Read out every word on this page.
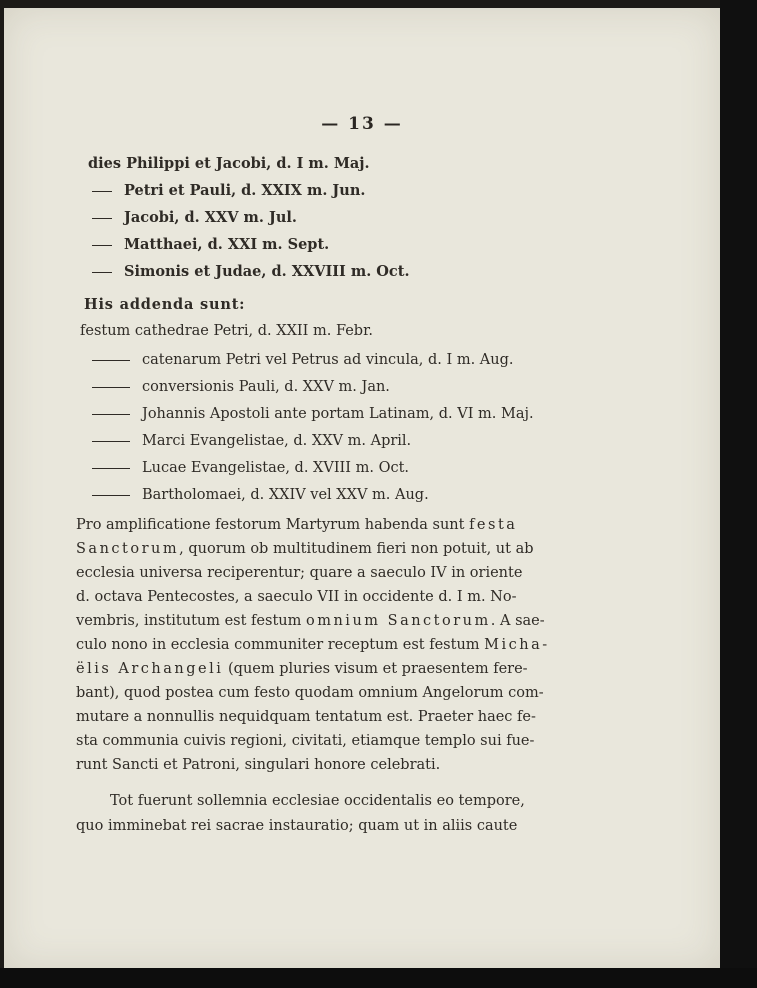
— 13 —
dies Philippi et Jacobi, d. I m. Maj.
Petri et Pauli, d. XXIX m. Jun.
Jacobi, d. XXV m. Jul.
Matthaei, d. XXI m. Sept.
Simonis et Judae, d. XXVIII m. Oct.
His addenda sunt:
festum cathedrae Petri, d. XXII m. Febr.
catenarum Petri vel Petrus ad vincula, d. I m. Aug.
conversionis Pauli, d. XXV m. Jan.
Johannis Apostoli ante portam Latinam, d. VI m. Maj.
Marci Evangelistae, d. XXV m. April.
Lucae Evangelistae, d. XVIII m. Oct.
Bartholomaei, d. XXIV vel XXV m. Aug.
Pro amplificatione festorum Martyrum habenda sunt festa
Sanctorum, quorum ob multitudinem fieri non potuit, ut ab
ecclesia universa reciperentur; quare a saeculo IV in oriente
d. octava Pentecostes, a saeculo VII in occidente d. I m. No-
vembris, institutum est festum omnium Sanctorum. A sae-
culo nono in ecclesia communiter receptum est festum Micha-
ëlis Archangeli (quem pluries visum et praesentem fere-
bant), quod postea cum festo quodam omnium Angelorum com-
mutare a nonnullis nequidquam tentatum est. Praeter haec fe-
sta communia cuivis regioni, civitati, etiamque templo sui fue-
runt Sancti et Patroni, singulari honore celebrati.
Tot fuerunt sollemnia ecclesiae occidentalis eo tempore,
quo imminebat rei sacrae instauratio; quam ut in aliis caute
